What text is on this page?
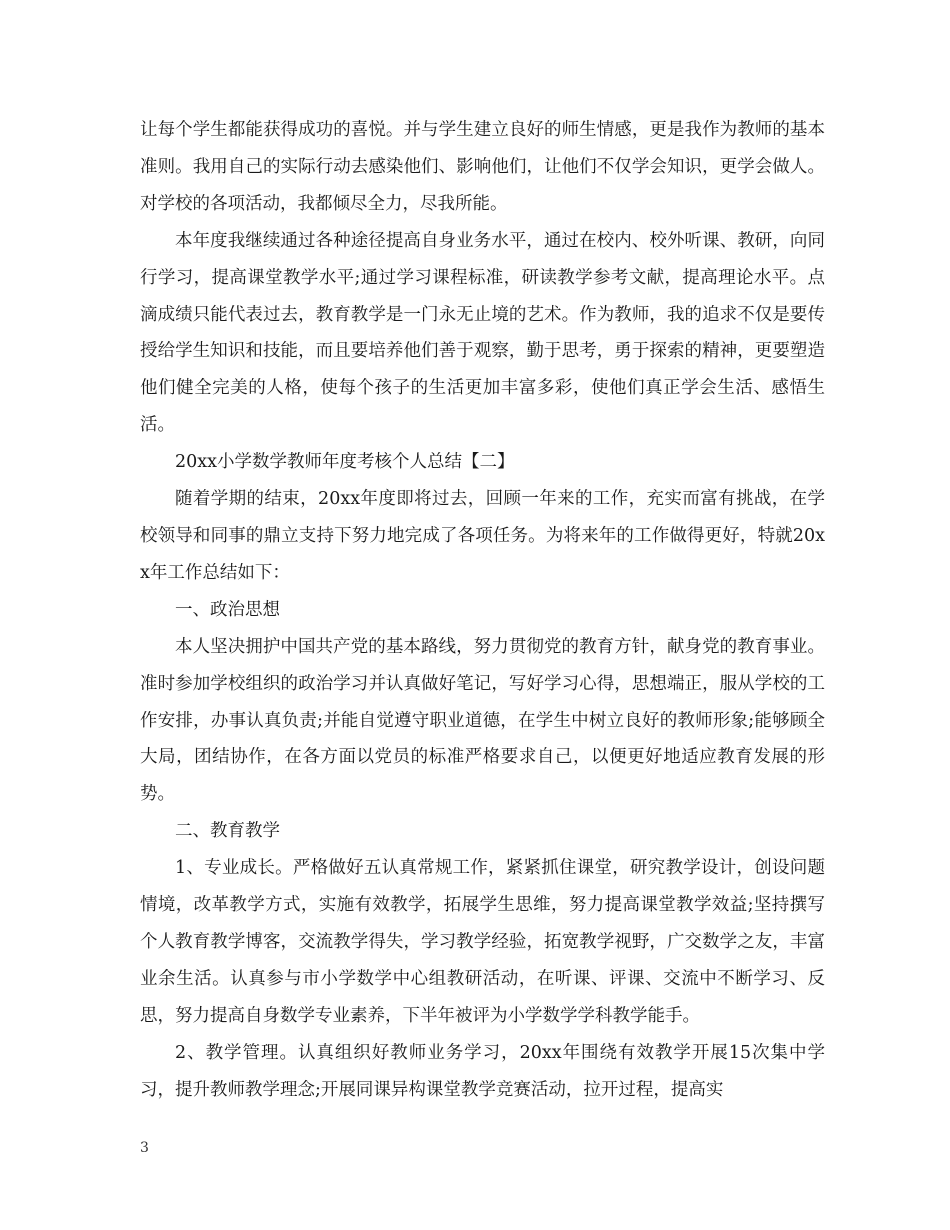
让每个学生都能获得成功的喜悦。并与学生建立良好的师生情感，更是我作为教师的基本准则。我用自己的实际行动去感染他们、影响他们，让他们不仅学会知识，更学会做人。对学校的各项活动，我都倾尽全力，尽我所能。

本年度我继续通过各种途径提高自身业务水平，通过在校内、校外听课、教研，向同行学习，提高课堂教学水平;通过学习课程标准，研读教学参考文献，提高理论水平。点滴成绩只能代表过去，教育教学是一门永无止境的艺术。作为教师，我的追求不仅是要传授给学生知识和技能，而且要培养他们善于观察，勤于思考，勇于探索的精神，更要塑造他们健全完美的人格，使每个孩子的生活更加丰富多彩，使他们真正学会生活、感悟生活。

20xx小学数学教师年度考核个人总结【二】

随着学期的结束，20xx年度即将过去，回顾一年来的工作，充实而富有挑战，在学校领导和同事的鼎立支持下努力地完成了各项任务。为将来年的工作做得更好，特就20xx年工作总结如下：

一、政治思想

本人坚决拥护中国共产党的基本路线，努力贯彻党的教育方针，献身党的教育事业。准时参加学校组织的政治学习并认真做好笔记，写好学习心得，思想端正，服从学校的工作安排，办事认真负责;并能自觉遵守职业道德，在学生中树立良好的教师形象;能够顾全大局，团结协作，在各方面以党员的标准严格要求自己，以便更好地适应教育发展的形势。

二、教育教学

1、专业成长。严格做好五认真常规工作，紧紧抓住课堂，研究教学设计，创设问题情境，改革教学方式，实施有效教学，拓展学生思维，努力提高课堂教学效益;坚持撰写个人教育教学博客，交流教学得失，学习教学经验，拓宽教学视野，广交数学之友，丰富业余生活。认真参与市小学数学中心组教研活动，在听课、评课、交流中不断学习、反思，努力提高自身数学专业素养，下半年被评为小学数学学科教学能手。

2、教学管理。认真组织好教师业务学习，20xx年围绕有效教学开展15次集中学习，提升教师教学理念;开展同课异构课堂教学竞赛活动，拉开过程，提高实

3
